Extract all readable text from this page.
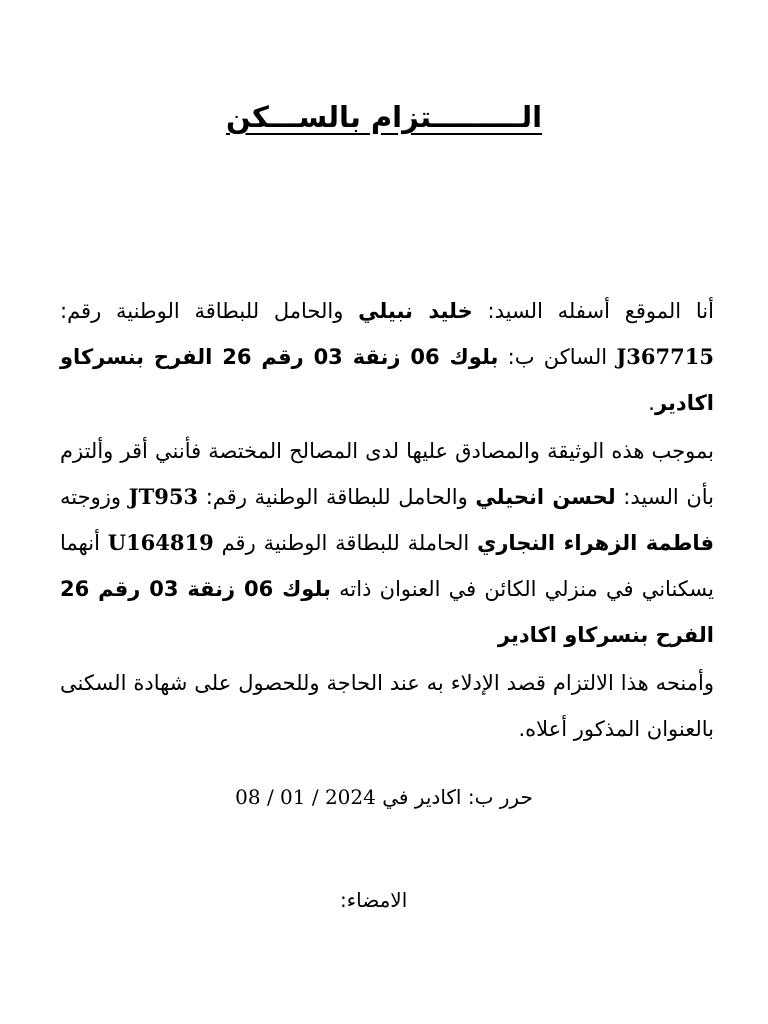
الـــــــــتزام بالســـكن

أنا الموقع أسفله السيد: خليد نبيلي والحامل للبطاقة الوطنية رقم: J367715 الساكن ب: بلوك 06 زنقة 03 رقم 26 الفرح بنسركاو اكادير.

بموجب هذه الوثيقة والمصادق عليها لدى المصالح المختصة فأنني أقر وألتزم بأن السيد: لحسن انحيلي والحامل للبطاقة الوطنية رقم: JT953 وزوجته فاطمة الزهراء النجاري الحاملة للبطاقة الوطنية رقم U164819 أنهما يسكناني في منزلي الكائن في العنوان ذاته بلوك 06 زنقة 03 رقم 26 الفرح بنسركاو اكادير

وأمنحه هذا الالتزام قصد الإدلاء به عند الحاجة وللحصول على شهادة السكنى بالعنوان المذكور أعلاه.

حرر ب: اكادير في 08 / 01 / 2024
الامضاء:
